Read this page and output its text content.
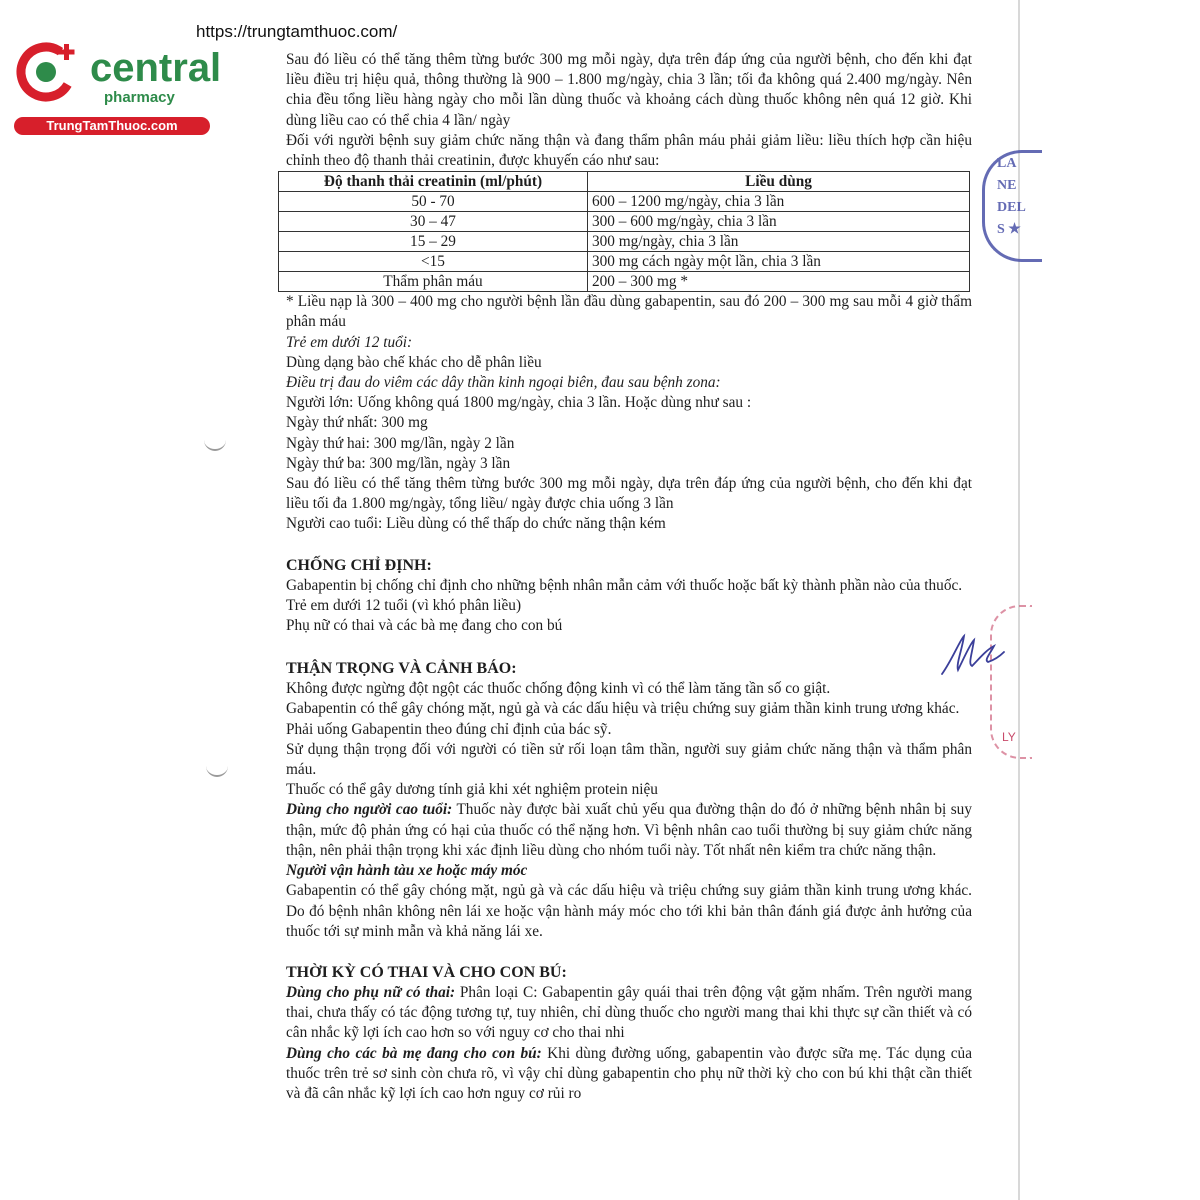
https://trungtamthuoc.com/
central
pharmacy
TrungTamThuoc.com

Sau đó liều có thể tăng thêm từng bước 300 mg mỗi ngày, dựa trên đáp ứng của người bệnh, cho đến khi đạt liều điều trị hiệu quả, thông thường là 900 – 1.800 mg/ngày, chia 3 lần; tối đa không quá 2.400 mg/ngày. Nên chia đều tổng liều hàng ngày cho mỗi lần dùng thuốc và khoảng cách dùng thuốc không nên quá 12 giờ. Khi dùng liều cao có thể chia 4 lần/ ngày

Đối với người bệnh suy giảm chức năng thận và đang thẩm phân máu phải giảm liều: liều thích hợp cần hiệu chỉnh theo độ thanh thải creatinin, được khuyến cáo như sau:

Độ thanh thải creatinin (ml/phút)	Liều dùng
50 - 70	600 – 1200 mg/ngày, chia 3 lần
30 – 47	300 – 600 mg/ngày, chia 3 lần
15 – 29	300 mg/ngày, chia 3 lần
<15	300 mg cách ngày một lần, chia 3 lần
Thẩm phân máu	200 – 300 mg *

* Liều nạp là 300 – 400 mg cho người bệnh lần đầu dùng gabapentin, sau đó 200 – 300 mg sau mỗi 4 giờ thẩm phân máu

Trẻ em dưới 12 tuổi:

Dùng dạng bào chế khác cho dễ phân liều

Điều trị đau do viêm các dây thần kinh ngoại biên, đau sau bệnh zona:

Người lớn: Uống không quá 1800 mg/ngày, chia 3 lần. Hoặc dùng như sau :

Ngày thứ nhất: 300 mg

Ngày thứ hai: 300 mg/lần, ngày 2 lần

Ngày thứ ba: 300 mg/lần, ngày 3 lần

Sau đó liều có thể tăng thêm từng bước 300 mg mỗi ngày, dựa trên đáp ứng của người bệnh, cho đến khi đạt liều tối đa 1.800 mg/ngày, tổng liều/ ngày được chia uống 3 lần

Người cao tuổi: Liều dùng có thể thấp do chức năng thận kém

CHỐNG CHỈ ĐỊNH:

Gabapentin bị chống chỉ định cho những bệnh nhân mẫn cảm với thuốc hoặc bất kỳ thành phần nào của thuốc.

Trẻ em dưới 12 tuổi (vì khó phân liều)

Phụ nữ có thai và các bà mẹ đang cho con bú

THẬN TRỌNG VÀ CẢNH BÁO:

Không được ngừng đột ngột các thuốc chống động kinh vì có thể làm tăng tần số co giật.

Gabapentin có thể gây chóng mặt, ngủ gà và các dấu hiệu và triệu chứng suy giảm thần kinh trung ương khác.

Phải uống Gabapentin theo đúng chỉ định của bác sỹ.

Sử dụng thận trọng đối với người có tiền sử rối loạn tâm thần, người suy giảm chức năng thận và thẩm phân máu.

Thuốc có thể gây dương tính giả khi xét nghiệm protein niệu

Dùng cho người cao tuổi: Thuốc này được bài xuất chủ yếu qua đường thận do đó ở những bệnh nhân bị suy thận, mức độ phản ứng có hại của thuốc có thể nặng hơn. Vì bệnh nhân cao tuổi thường bị suy giảm chức năng thận, nên phải thận trọng khi xác định liều dùng cho nhóm tuổi này. Tốt nhất nên kiểm tra chức năng thận.

Người vận hành tàu xe hoặc máy móc

Gabapentin có thể gây chóng mặt, ngủ gà và các dấu hiệu và triệu chứng suy giảm thần kinh trung ương khác. Do đó bệnh nhân không nên lái xe hoặc vận hành máy móc cho tới khi bản thân đánh giá được ảnh hưởng của thuốc tới sự minh mẫn và khả năng lái xe.

THỜI KỲ CÓ THAI VÀ CHO CON BÚ:

Dùng cho phụ nữ có thai: Phân loại C: Gabapentin gây quái thai trên động vật gặm nhấm. Trên người mang thai, chưa thấy có tác động tương tự, tuy nhiên, chỉ dùng thuốc cho người mang thai khi thực sự cần thiết và có cân nhắc kỹ lợi ích cao hơn so với nguy cơ cho thai nhi

Dùng cho các bà mẹ đang cho con bú: Khi dùng đường uống, gabapentin vào được sữa mẹ. Tác dụng của thuốc trên trẻ sơ sinh còn chưa rõ, vì vậy chỉ dùng gabapentin cho phụ nữ thời kỳ cho con bú khi thật cần thiết và đã cân nhắc kỹ lợi ích cao hơn nguy cơ rủi ro

LA
NE
DEL
S ★
LY
